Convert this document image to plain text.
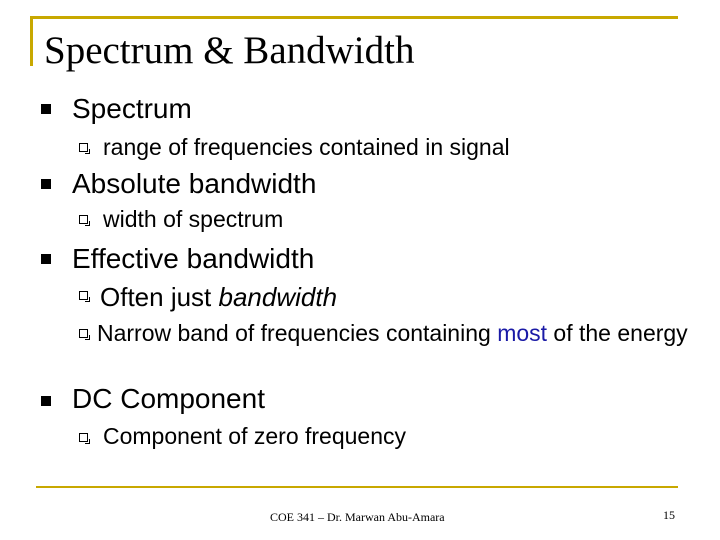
Spectrum & Bandwidth
Spectrum
range of frequencies contained in signal
Absolute bandwidth
width of spectrum
Effective bandwidth
Often just bandwidth
Narrow band of frequencies containing most of the energy
DC Component
Component of zero frequency
COE 341 – Dr. Marwan Abu-Amara	15
